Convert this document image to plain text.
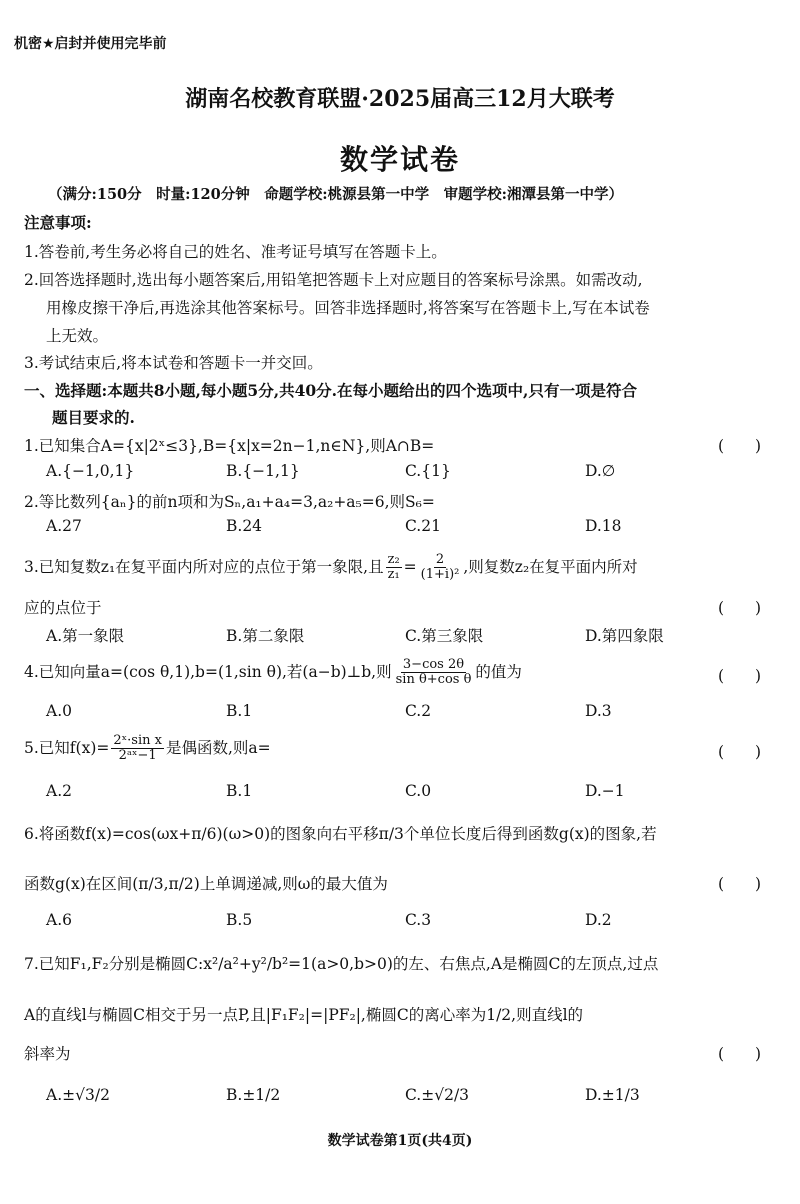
机密★启封并使用完毕前
湖南名校教育联盟·2025届高三12月大联考
数学试卷
（满分:150分　时量:120分钟　命题学校:桃源县第一中学　审题学校:湘潭县第一中学）
注意事项:
1.答卷前,考生务必将自己的姓名、准考证号填写在答题卡上。
2.回答选择题时,选出每小题答案后,用铅笔把答题卡上对应题目的答案标号涂黑。如需改动,
用橡皮擦干净后,再选涂其他答案标号。回答非选择题时,将答案写在答题卡上,写在本试卷
上无效。
3.考试结束后,将本试卷和答题卡一并交回。
一、选择题:本题共8小题,每小题5分,共40分.在每小题给出的四个选项中,只有一项是符合
题目要求的.
1.已知集合A={x|2ˣ≤3},B={x|x=2n−1,n∈N},则A∩B=	(　　)
A.{−1,0,1}	B.{−1,1}	C.{1}	D.∅
2.等比数列{aₙ}的前n项和为Sₙ,a₁+a₄=3,a₂+a₅=6,则S₆=
A.27	B.24	C.21	D.18
3.已知复数z₁在复平面内所对应的点位于第一象限,且 $\frac{\text{z₂}}{\text{z₁}} = \frac{2}{\text{(1+i)²}}$ ,则复数z₂在复平面内所对
应的点位于	(　　)
A.第一象限	B.第二象限	C.第三象限	D.第四象限
4.已知向量a=(cos θ,1),b=(1,sin θ),若(a−b)⊥b,则 $\frac{3-\cos 2\theta}{\text{sin θ+cos θ}}$ 的值为	(　　)
A.0	B.1	C.2	D.3
5.已知$f(x)= \frac{\text{2ˣ·sin x}}{\text{2ᵃˣ−1}}$ 是偶函数,则a=	(　　)
A.2	B.1	C.0	D.−1
6.将函数f(x)=cos(ωx+π/6)(ω>0)的图象向右平移π/3个单位长度后得到函数g(x)的图象,若
函数g(x)在区间(π/3,π/2)上单调递减,则ω的最大值为	(　　)
A.6	B.5	C.3	D.2
7.已知F₁,F₂分别是椭圆C:x²/a²+y²/b²=1(a>0,b>0)的左、右焦点,A是椭圆C的左顶点,过点
A的直线l与椭圆C相交于另一点P,且|F₁F₂|=|PF₂|,椭圆C的离心率为1/2,则直线l的
斜率为	(　　)
A.±√3/2	B.±1/2	C.±√2/3	D.±1/3
数学试卷第1页(共4页)
